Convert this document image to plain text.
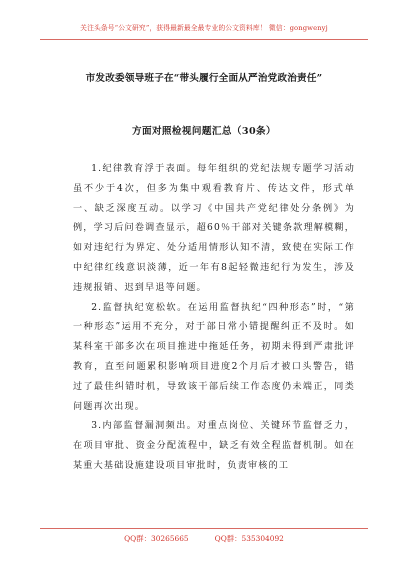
关注头条号“公文研究”，获得最新最全最专业的公文资料库！ 微信：gongwenyj
市发改委领导班子在“带头履行全面从严治党政治责任”
方面对照检视问题汇总（30条）

1.纪律教育浮于表面。每年组织的党纪法规专题学习活动虽不少于4次，但多为集中观看教育片、传达文件，形式单一、缺乏深度互动。以学习《中国共产党纪律处分条例》为例，学习后问卷调查显示，超60％干部对关键条款理解模糊，如对违纪行为界定、处分适用情形认知不清，致使在实际工作中纪律红线意识淡薄，近一年有8起轻微违纪行为发生，涉及违规报销、迟到早退等问题。

2.监督执纪宽松软。在运用监督执纪“四种形态”时，“第一种形态”运用不充分，对于部日常小错提醒纠正不及时。如某科室干部多次在项目推进中拖延任务，初期未得到严肃批评教育，直至问题累积影响项目进度2个月后才被口头警告，错过了最佳纠错时机，导致该干部后续工作态度仍未端正，同类问题再次出现。

3.内部监督漏洞频出。对重点岗位、关键环节监督乏力，在项目审批、资金分配流程中，缺乏有效全程监督机制。如在某重大基础设施建设项目审批时，负责审核的工

QQ群：30265665	QQ群：535304092
